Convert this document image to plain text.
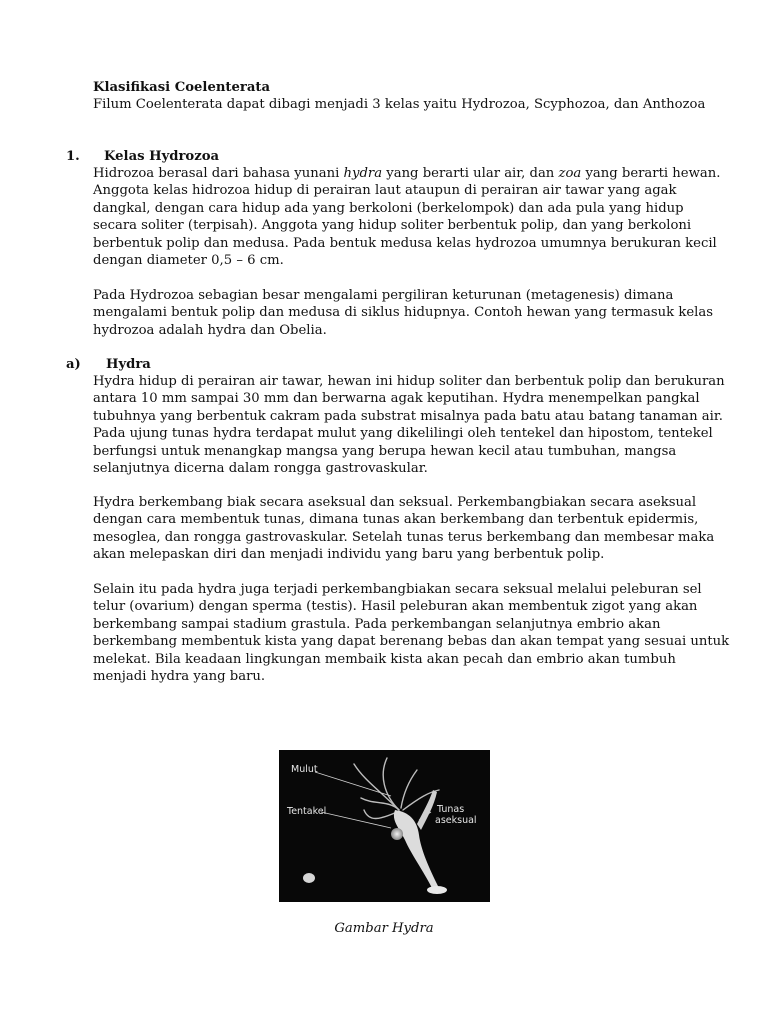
Klasifikasi Coelenterata
Filum Coelenterata dapat dibagi menjadi 3 kelas yaitu Hydrozoa, Scyphozoa, dan Anthozoa
1. Kelas Hydrozoa
Hidrozoa berasal dari bahasa yunani hydra yang berarti ular air, dan zoa yang berarti hewan.
Anggota kelas hidrozoa hidup di perairan laut ataupun di perairan air tawar yang agak
dangkal, dengan cara hidup ada yang berkoloni (berkelompok) dan ada pula yang hidup
secara soliter (terpisah). Anggota yang hidup soliter berbentuk polip, dan yang berkoloni
berbentuk polip dan medusa. Pada bentuk medusa kelas hydrozoa umumnya berukuran kecil
dengan diameter 0,5 – 6 cm.
Pada Hydrozoa sebagian besar mengalami pergiliran keturunan (metagenesis) dimana
mengalami bentuk polip dan medusa di siklus hidupnya. Contoh hewan yang termasuk kelas
hydrozoa adalah hydra dan Obelia.
a) Hydra
Hydra hidup di perairan air tawar, hewan ini hidup soliter dan berbentuk polip dan berukuran
antara 10 mm sampai 30 mm dan berwarna agak keputihan. Hydra menempelkan pangkal
tubuhnya yang berbentuk cakram pada substrat misalnya pada batu atau batang tanaman air.
Pada ujung tunas hydra terdapat mulut yang dikelilingi oleh tentekel dan hipostom, tentekel
berfungsi untuk menangkap mangsa yang berupa hewan kecil atau tumbuhan, mangsa
selanjutnya dicerna dalam rongga gastrovaskular.
Hydra berkembang biak secara aseksual dan seksual. Perkembangbiakan secara aseksual
dengan cara membentuk tunas, dimana tunas akan berkembang dan terbentuk epidermis,
mesoglea, dan rongga gastrovaskular. Setelah tunas terus berkembang dan membesar maka
akan melepaskan diri dan menjadi individu yang baru yang berbentuk polip.
Selain itu pada hydra juga terjadi perkembangbiakan secara seksual melalui peleburan sel
telur (ovarium) dengan sperma (testis). Hasil peleburan akan membentuk zigot yang akan
berkembang sampai stadium grastula. Pada perkembangan selanjutnya embrio akan
berkembang membentuk kista yang dapat berenang bebas dan akan tempat yang sesuai untuk
melekat. Bila keadaan lingkungan membaik kista akan pecah dan embrio akan tumbuh
menjadi hydra yang baru.
Mulut
Tentakel	Tunas
aseksual
Gambar Hydra
